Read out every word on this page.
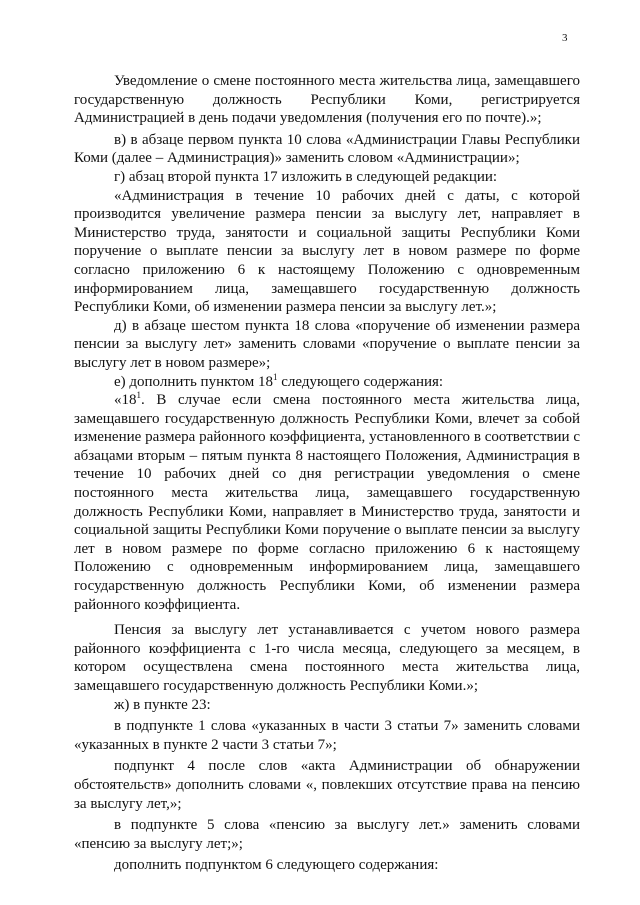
3

Уведомление о смене постоянного места жительства лица, замещавшего государственную должность Республики Коми, регистрируется Администрацией в день подачи уведомления (получения его по почте).»;

в) в абзаце первом пункта 10 слова «Администрации Главы Республики Коми (далее – Администрация)» заменить словом «Администрации»;

г) абзац второй пункта 17 изложить в следующей редакции:

«Администрация в течение 10 рабочих дней с даты, с которой производится увеличение размера пенсии за выслугу лет, направляет в Министерство труда, занятости и социальной защиты Республики Коми поручение о выплате пенсии за выслугу лет в новом размере по форме согласно приложению 6 к настоящему Положению с одновременным информированием лица, замещавшего государственную должность Республики Коми, об изменении размера пенсии за выслугу лет.»;

д) в абзаце шестом пункта 18 слова «поручение об изменении размера пенсии за выслугу лет» заменить словами «поручение о выплате пенсии за выслугу лет в новом размере»;

е) дополнить пунктом $18^1$ следующего содержания:

«$18^1$. В случае если смена постоянного места жительства лица, замещавшего государственную должность Республики Коми, влечет за собой изменение размера районного коэффициента, установленного в соответствии с абзацами вторым – пятым пункта 8 настоящего Положения, Администрация в течение 10 рабочих дней со дня регистрации уведомления о смене постоянного места жительства лица, замещавшего государственную должность Республики Коми, направляет в Министерство труда, занятости и социальной защиты Республики Коми поручение о выплате пенсии за выслугу лет в новом размере по форме согласно приложению 6 к настоящему Положению с одновременным информированием лица, замещавшего государственную должность Республики Коми, об изменении размера районного коэффициента.

Пенсия за выслугу лет устанавливается с учетом нового размера районного коэффициента с 1-го числа месяца, следующего за месяцем, в котором осуществлена смена постоянного места жительства лица, замещавшего государственную должность Республики Коми.»;

ж) в пункте 23:

в подпункте 1 слова «указанных в части 3 статьи 7» заменить словами «указанных в пункте 2 части 3 статьи 7»;

подпункт 4 после слов «акта Администрации об обнаружении обстоятельств» дополнить словами «, повлекших отсутствие права на пенсию за выслугу лет,»;

в подпункте 5 слова «пенсию за выслугу лет.» заменить словами «пенсию за выслугу лет;»;

дополнить подпунктом 6 следующего содержания:
